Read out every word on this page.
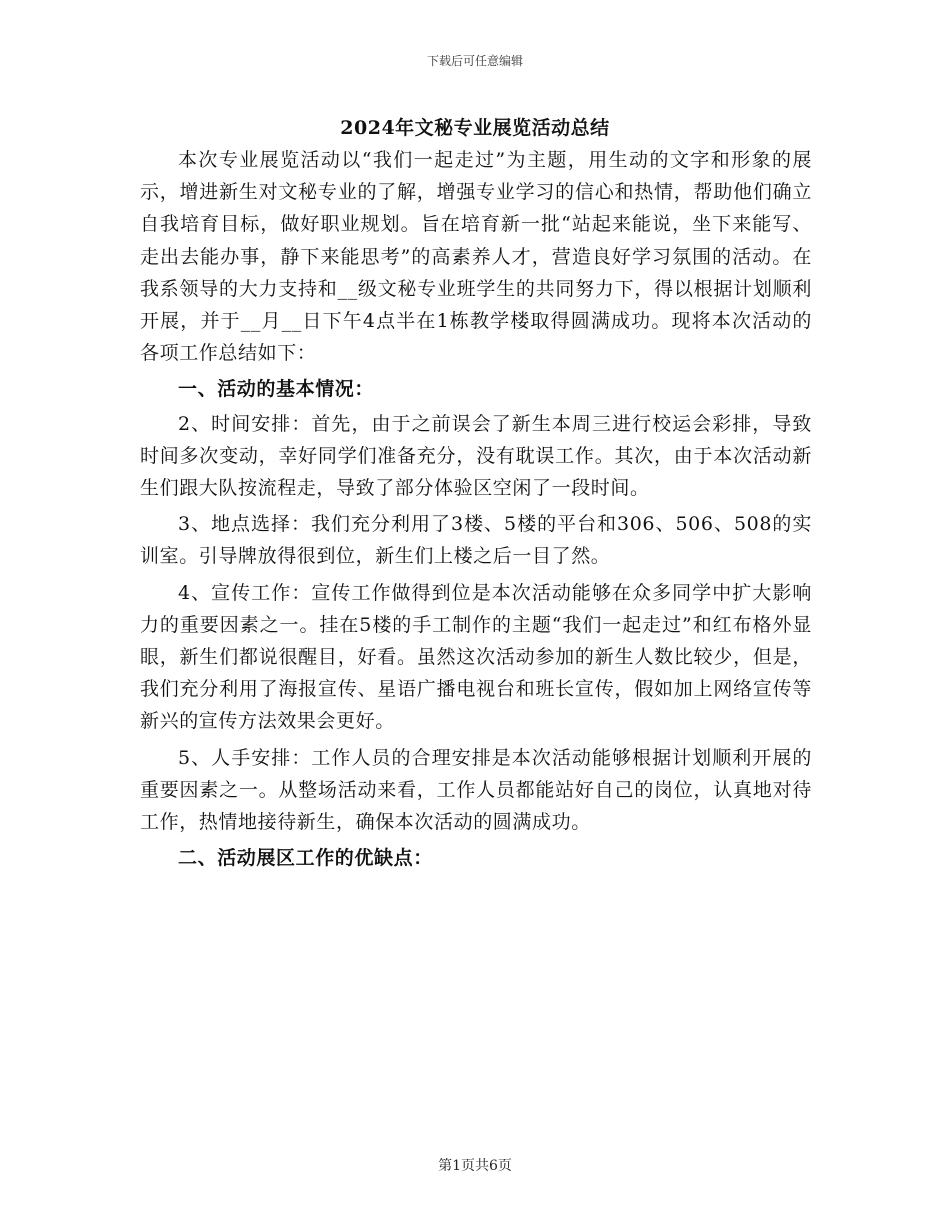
下载后可任意编辑
2024年文秘专业展览活动总结

本次专业展览活动以“我们一起走过”为主题，用生动的文字和形象的展示，增进新生对文秘专业的了解，增强专业学习的信心和热情，帮助他们确立自我培育目标，做好职业规划。旨在培育新一批“站起来能说，坐下来能写、走出去能办事，静下来能思考”的高素养人才，营造良好学习氛围的活动。在我系领导的大力支持和__级文秘专业班学生的共同努力下，得以根据计划顺利开展，并于__月__日下午4点半在1栋教学楼取得圆满成功。现将本次活动的各项工作总结如下：

一、活动的基本情况：

2、时间安排：首先，由于之前误会了新生本周三进行校运会彩排，导致时间多次变动，幸好同学们准备充分，没有耽误工作。其次，由于本次活动新生们跟大队按流程走，导致了部分体验区空闲了一段时间。

3、地点选择：我们充分利用了3楼、5楼的平台和306、506、508的实训室。引导牌放得很到位，新生们上楼之后一目了然。

4、宣传工作：宣传工作做得到位是本次活动能够在众多同学中扩大影响力的重要因素之一。挂在5楼的手工制作的主题“我们一起走过”和红布格外显眼，新生们都说很醒目，好看。虽然这次活动参加的新生人数比较少，但是，我们充分利用了海报宣传、星语广播电视台和班长宣传，假如加上网络宣传等新兴的宣传方法效果会更好。

5、人手安排：工作人员的合理安排是本次活动能够根据计划顺利开展的重要因素之一。从整场活动来看，工作人员都能站好自己的岗位，认真地对待工作，热情地接待新生，确保本次活动的圆满成功。

二、活动展区工作的优缺点：

第1页共6页
